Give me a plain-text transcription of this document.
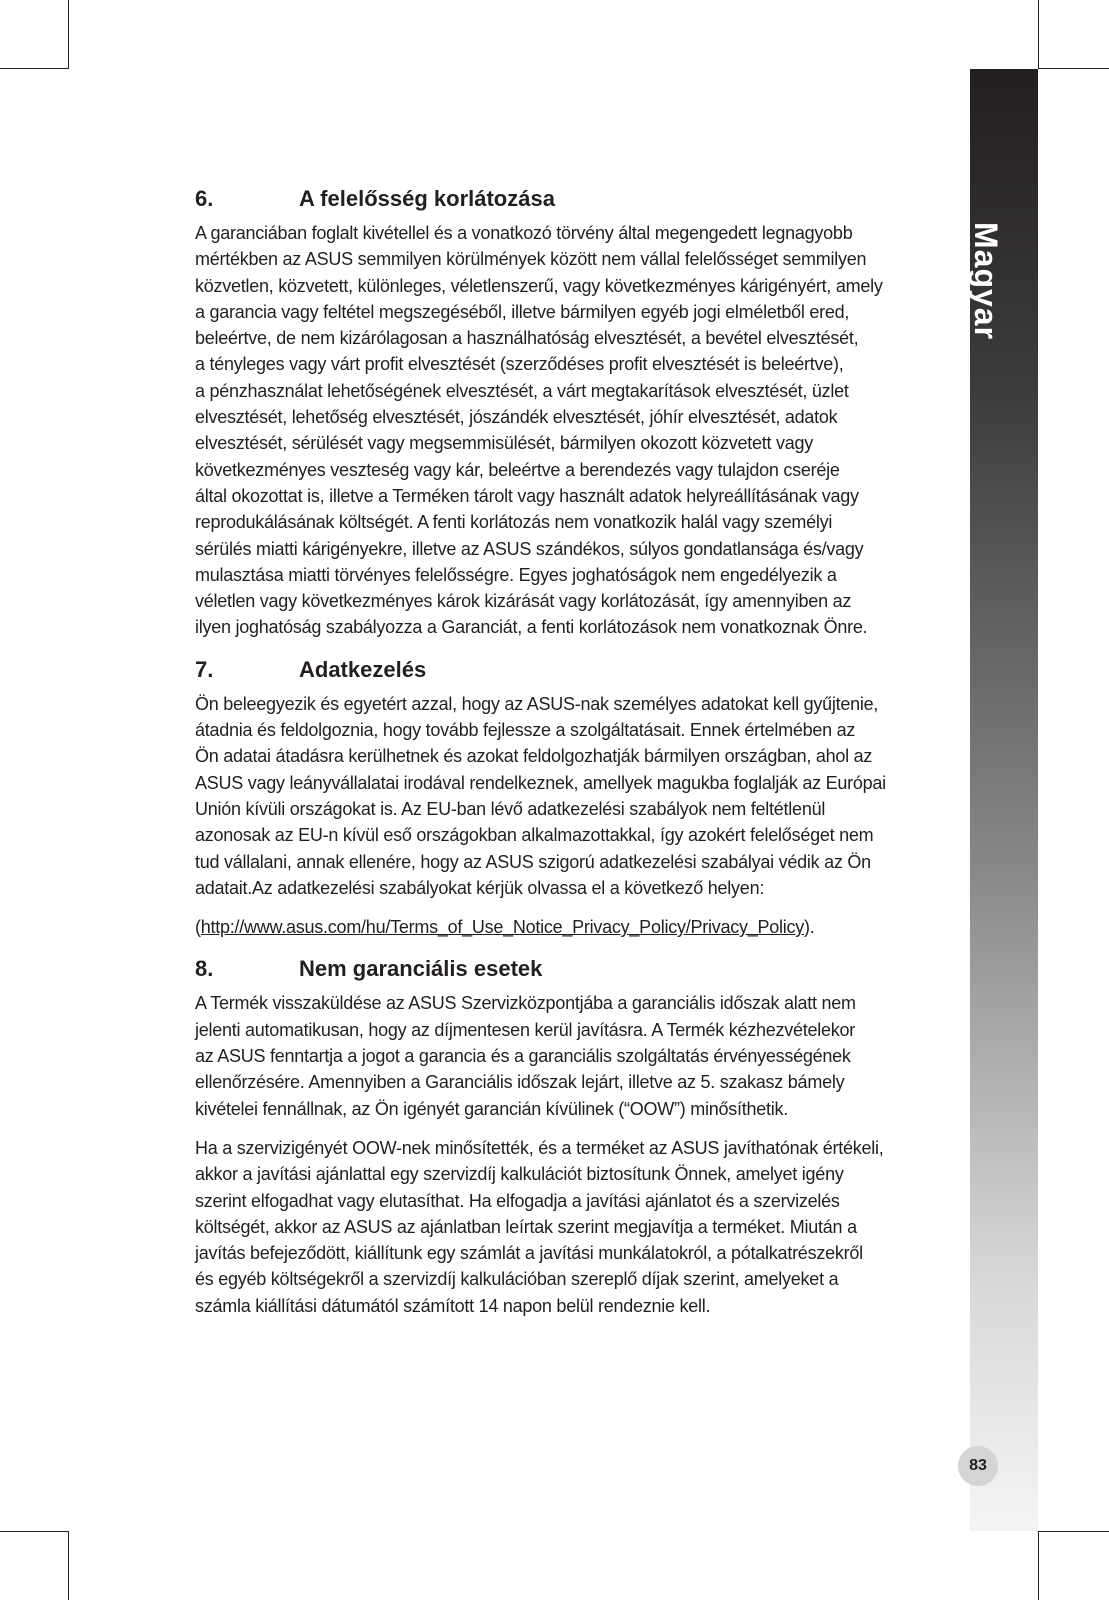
Magyar
83
6.	A felelősség korlátozása

A garanciában foglalt kivétellel és a vonatkozó törvény által megengedett legnagyobb

mértékben az ASUS semmilyen körülmények között nem vállal felelősséget semmilyen

közvetlen, közvetett, különleges, véletlenszerű, vagy következményes kárigényért, amely

a garancia vagy feltétel megszegéséből, illetve bármilyen egyéb jogi elméletből ered,

beleértve, de nem kizárólagosan a használhatóság elvesztését, a bevétel elvesztését,

a tényleges vagy várt profit elvesztését (szerződéses profit elvesztését is beleértve),

a pénzhasználat lehetőségének elvesztését, a várt megtakarítások elvesztését, üzlet

elvesztését, lehetőség elvesztését, jószándék elvesztését, jóhír elvesztését, adatok

elvesztését, sérülését vagy megsemmisülését, bármilyen okozott közvetett vagy

következményes veszteség vagy kár, beleértve a berendezés vagy tulajdon cseréje

által okozottat is, illetve a Terméken tárolt vagy használt adatok helyreállításának vagy

reprodukálásának költségét. A fenti korlátozás nem vonatkozik halál vagy személyi

sérülés miatti kárigényekre, illetve az ASUS szándékos, súlyos gondatlansága és/vagy

mulasztása miatti törvényes felelősségre. Egyes joghatóságok nem engedélyezik a

véletlen vagy következményes károk kizárását vagy korlátozását, így amennyiben az

ilyen joghatóság szabályozza a Garanciát, a fenti korlátozások nem vonatkoznak Önre.

7.	Adatkezelés

Ön beleegyezik és egyetért azzal, hogy az ASUS-nak személyes adatokat kell gyűjtenie,

átadnia és feldolgoznia, hogy tovább fejlessze a szolgáltatásait. Ennek értelmében az

Ön adatai átadásra kerülhetnek és azokat feldolgozhatják bármilyen országban, ahol az

ASUS vagy leányvállalatai irodával rendelkeznek, amellyek magukba foglalják az Európai

Unión kívüli országokat is. Az EU-ban lévő adatkezelési szabályok nem feltétlenül

azonosak az EU-n kívül eső országokban alkalmazottakkal, így azokért felelőséget nem

tud vállalani, annak ellenére, hogy az ASUS szigorú adatkezelési szabályai védik az Ön

adatait.Az adatkezelési szabályokat kérjük olvassa el a következő helyen:

(http://www.asus.com/hu/Terms_of_Use_Notice_Privacy_Policy/Privacy_Policy).

8.	Nem garanciális esetek

A Termék visszaküldése az ASUS Szervizközpontjába a garanciális időszak alatt nem

jelenti automatikusan, hogy az díjmentesen kerül javításra. A Termék kézhezvételekor

az ASUS fenntartja a jogot a garancia és a garanciális szolgáltatás érvényességének

ellenőrzésére. Amennyiben a Garanciális időszak lejárt, illetve az 5. szakasz bámely

kivételei fennállnak, az Ön igényét garancián kívülinek (“OOW”) minősíthetik.

Ha a szervizigényét OOW-nek minősítették, és a terméket az ASUS javíthatónak értékeli,

akkor a javítási ajánlattal egy szervizdíj kalkulációt biztosítunk Önnek, amelyet igény

szerint elfogadhat vagy elutasíthat. Ha elfogadja a javítási ajánlatot és a szervizelés

költségét, akkor az ASUS az ajánlatban leírtak szerint megjavítja a terméket. Miután a

javítás befejeződött, kiállítunk egy számlát a javítási munkálatokról, a pótalkatrészekről

és egyéb költségekről a szervizdíj kalkulációban szereplő díjak szerint, amelyeket a

számla kiállítási dátumától számított 14 napon belül rendeznie kell.
